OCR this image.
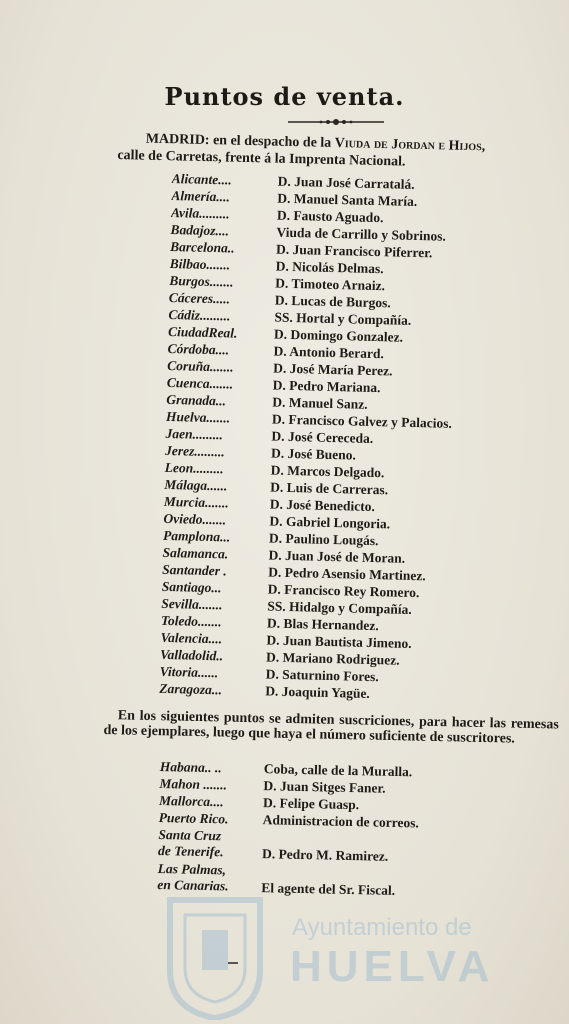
Puntos de venta.
MADRID: en el despacho de la Viuda de Jordan e Hijos,
calle de Carretas, frente á la Imprenta Nacional.
Alicante....	D. Juan José Carratalá.
Almería....	D. Manuel Santa María.
Avila.........	D. Fausto Aguado.
Badajoz....	Viuda de Carrillo y Sobrinos.
Barcelona..	D. Juan Francisco Piferrer.
Bilbao.......	D. Nicolás Delmas.
Burgos.......	D. Timoteo Arnaiz.
Cáceres.....	D. Lucas de Burgos.
Cádiz.........	SS. Hortal y Compañía.
CiudadReal.	D. Domingo Gonzalez.
Córdoba....	D. Antonio Berard.
Coruña.......	D. José María Perez.
Cuenca.......	D. Pedro Mariana.
Granada...	D. Manuel Sanz.
Huelva.......	D. Francisco Galvez y Palacios.
Jaen.........	D. José Cereceda.
Jerez.........	D. José Bueno.
Leon.........	D. Marcos Delgado.
Málaga......	D. Luis de Carreras.
Murcia.......	D. José Benedicto.
Oviedo.......	D. Gabriel Longoria.
Pamplona...	D. Paulino Lougás.
Salamanca.	D. Juan José de Moran.
Santander .	D. Pedro Asensio Martinez.
Santiago...	D. Francisco Rey Romero.
Sevilla.......	SS. Hidalgo y Compañía.
Toledo.......	D. Blas Hernandez.
Valencia....	D. Juan Bautista Jimeno.
Valladolid..	D. Mariano Rodriguez.
Vitoria......	D. Saturnino Fores.
Zaragoza...	D. Joaquin Yagüe.
En los siguientes puntos se admiten suscriciones, para hacer las remesas de los ejemplares, luego que haya el número suficiente de suscritores.
Habana.. ..	Coba, calle de la Muralla.
Mahon .......	D. Juan Sitges Faner.
Mallorca....	D. Felipe Guasp.
Puerto Rico.	Administracion de correos.
Santa Cruz
de Tenerife.	D. Pedro M. Ramirez.
Las Palmas,
en Canarias.	El agente del Sr. Fiscal.
Ayuntamiento de
HUELVA
